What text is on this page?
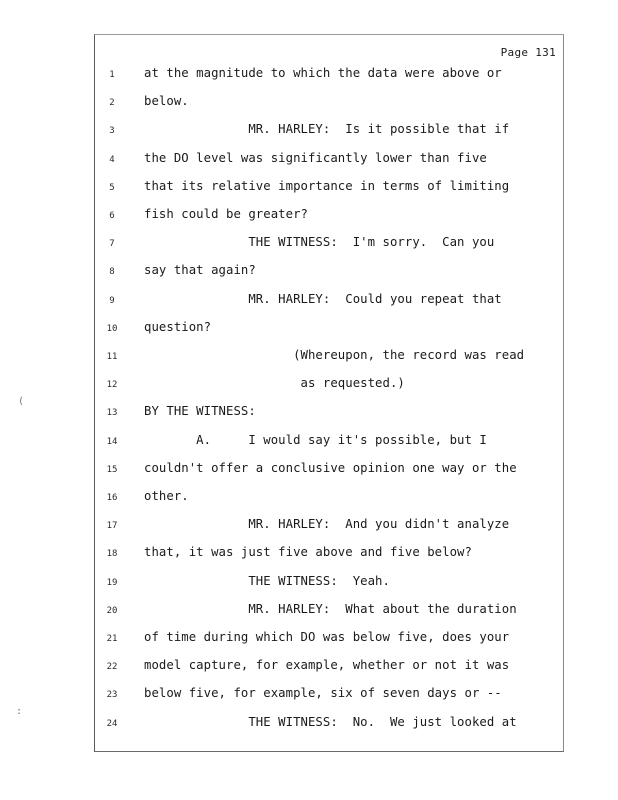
Page 131
1	at the magnitude to which the data were above or
2	below.
3	MR. HARLEY:  Is it possible that if
4	the DO level was significantly lower than five
5	that its relative importance in terms of limiting
6	fish could be greater?
7	THE WITNESS:  I'm sorry.  Can you
8	say that again?
9	MR. HARLEY:  Could you repeat that
10	question?
11	(Whereupon, the record was read
12	as requested.)
13	BY THE WITNESS:
14	A.     I would say it's possible, but I
15	couldn't offer a conclusive opinion one way or the
16	other.
17	MR. HARLEY:  And you didn't analyze
18	that, it was just five above and five below?
19	THE WITNESS:  Yeah.
20	MR. HARLEY:  What about the duration
21	of time during which DO was below five, does your
22	model capture, for example, whether or not it was
23	below five, for example, six of seven days or --
24	THE WITNESS:  No.  We just looked at
(
:
